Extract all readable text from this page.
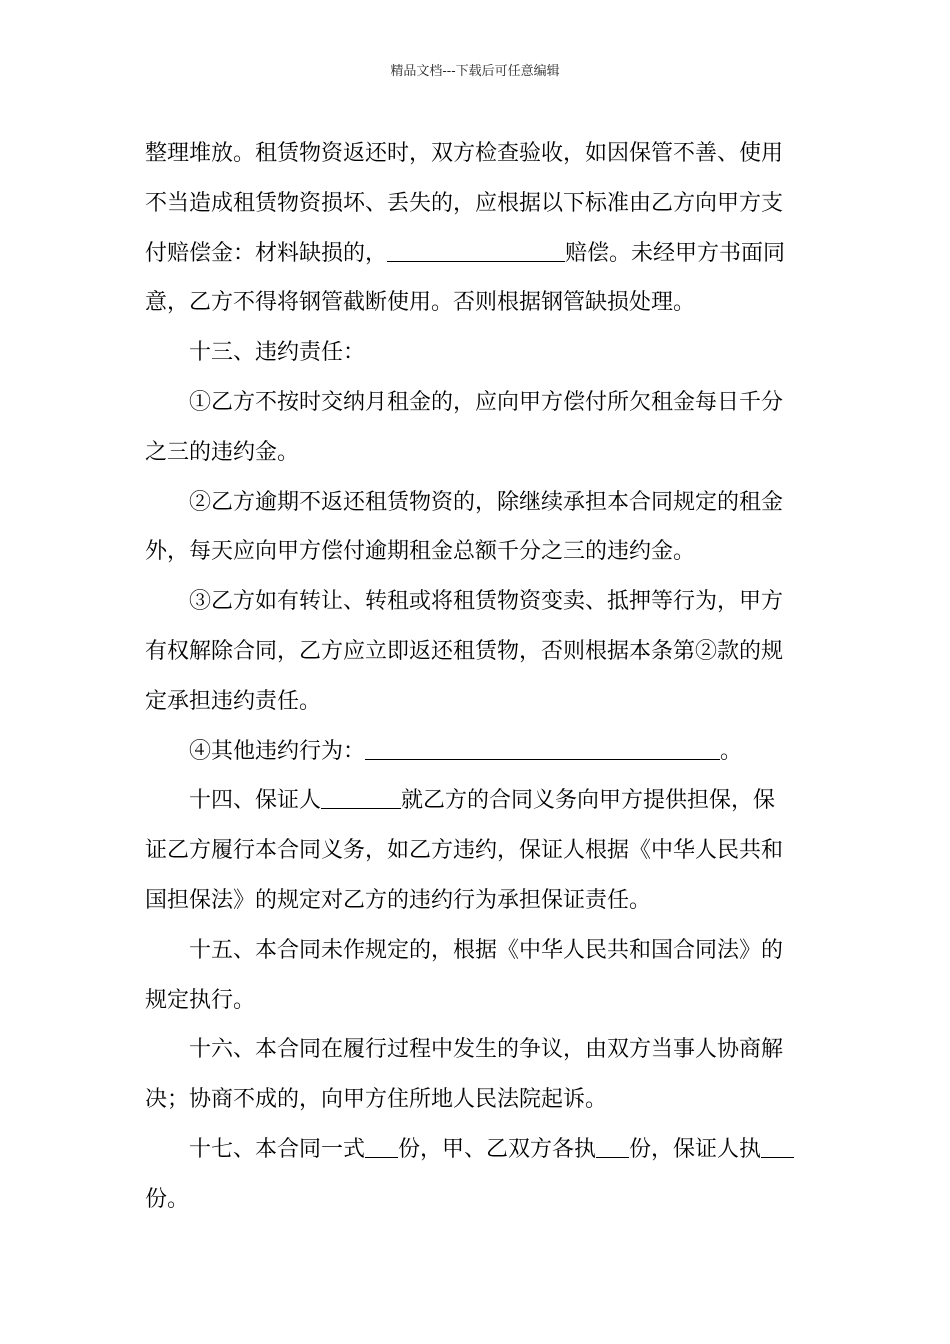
精品文档---下载后可任意编辑
整理堆放。租赁物资返还时，双方检查验收，如因保管不善、使用
不当造成租赁物资损坏、丢失的，应根据以下标准由乙方向甲方支
付赔偿金：材料缺损的，	赔偿。未经甲方书面同
意，乙方不得将钢管截断使用。否则根据钢管缺损处理。
十三、违约责任：
①乙方不按时交纳月租金的，应向甲方偿付所欠租金每日千分
之三的违约金。
②乙方逾期不返还租赁物资的，除继续承担本合同规定的租金
外，每天应向甲方偿付逾期租金总额千分之三的违约金。
③乙方如有转让、转租或将租赁物资变卖、抵押等行为，甲方
有权解除合同，乙方应立即返还租赁物，否则根据本条第②款的规
定承担违约责任。
④其他违约行为：	。
十四、保证人	就乙方的合同义务向甲方提供担保，保
证乙方履行本合同义务，如乙方违约，保证人根据《中华人民共和
国担保法》的规定对乙方的违约行为承担保证责任。
十五、本合同未作规定的，根据《中华人民共和国合同法》的
规定执行。
十六、本合同在履行过程中发生的争议，由双方当事人协商解
决；协商不成的，向甲方住所地人民法院起诉。
十七、本合同一式 份，甲、乙双方各执 份，保证人执
份。
